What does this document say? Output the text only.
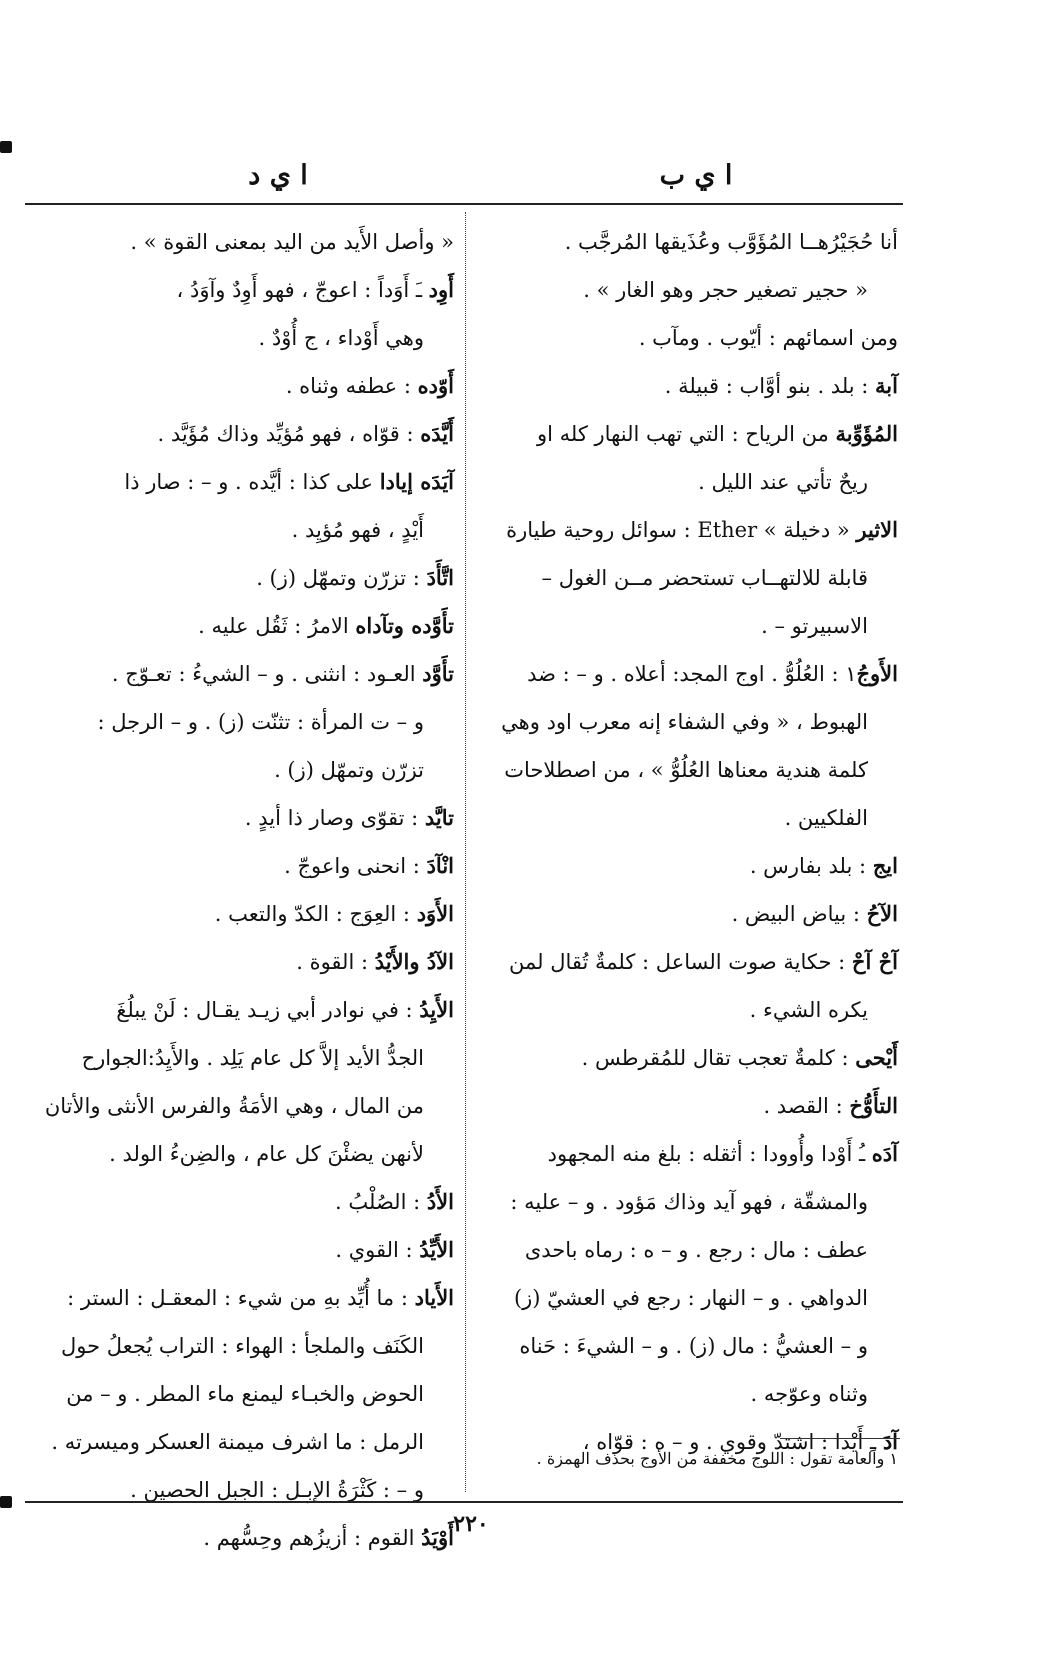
ا ي ب
ا ي د
أنا حُجَيْرُهــا المُؤَوَّب وعُذَيقها المُرجَّب .
« حجير تصغير حجر وهو الغار » .
ومن اسمائهم : أيّوب . ومآب .
آبة : بلد . بنو أوَّاب : قبيلة .
المُؤَوِّبة من الرياح : التي تهب النهار كله او
ريحٌ تأتي عند الليل .
الاثير « دخيلة » Ether : سوائل روحية طيارة
قابلة للالتهــاب تستحضر مــن الغول –
الاسبيرتو – .
الأَوجُ١ : العُلُوُّ . اوج المجد: أعلاه . و – : ضد
الهبوط ، « وفي الشفاء إنه معرب اود وهي
كلمة هندية معناها العُلُوُّ » ، من اصطلاحات
الفلكيين .
ايج : بلد بفارس .
الآحُ : بياض البيض .
آحْ آحْ : حكاية صوت الساعل : كلمةٌ تُقال لمن
يكره الشيء .
أَيْحى : كلمةٌ تعجب تقال للمُقرطس .
التأَوُّخ : القصد .
آدَه ـُ أَوْدا وأُوودا : أثقله : بلغ منه المجهود
والمشقّة ، فهو آيد وذاك مَؤود . و – عليه :
عطف : مال : رجع . و – ه : رماه باحدى
الدواهي . و – النهار : رجع في العشيّ (ز)
و – العشيُّ : مال (ز) . و – الشيءَ : حَناه
وثناه وعوّجه .
آدَ ـِ أَيْدا : اشتدّ وقوي . و – ه : قوّاه ،
« وأصل الأَيد من اليد بمعنى القوة » .
أَوِد ـَ أَوَداً : اعوجّ ، فهو أَوِدٌ وآوَدُ ،
وهي أَوْداء ، ج أُوْدٌ .
أَوّده : عطفه وثناه .
أَيَّدَه : قوّاه ، فهو مُؤيِّد وذاك مُؤَيَّد .
آيَدَه إيادا على كذا : أيَّده . و – : صار ذا
أَيْدٍ ، فهو مُؤيِد .
اتَّأَدَ : تزرّن وتمهّل (ز) .
تأَوَّده وتآداه الامرُ : ثَقُل عليه .
تأَوَّد العـود : انثنى . و – الشيءُ : تعـوّج .
و – ت المرأة : تثنّت (ز) . و – الرجل :
تزرّن وتمهّل (ز) .
تايَّد : تقوّى وصار ذا أيدٍ .
انْآدَ : انحنى واعوجّ .
الأَوَد : العِوَج : الكدّ والتعب .
الآدُ والأَيْدُ : القوة .
الأَيِدُ : في نوادر أبي زيـد يقـال : لَنْ يبلُغَ
الجدُّ الأيد إلاَّ كل عام يَلِد . والأَيِدُ:الجوارح
من المال ، وهي الأمَةُ والفرس الأنثى والأتان
لأنهن يضئْنَ كل عام ، والضِنءُ الولد .
الأَدُ : الصُلْبُ .
الأَيِّدُ : القوي .
الأَياد : ما أُيِّد بهِ من شيء : المعقـل : الستر :
الكَنَف والملجأ : الهواء : التراب يُجعلُ حول
الحوض والخبـاء ليمنع ماء المطر . و – من
الرمل : ما اشرف ميمنة العسكر وميسرته .
و – : كَثْرَةُ الإبِـل : الجبل الحصين .
أَوْيَدُ القوم : أزيزُهم وحِسُّهم .
١ والعامة تقول : اللوج مخففة من الأوج بحذف الهمزة .
٢٢٠
